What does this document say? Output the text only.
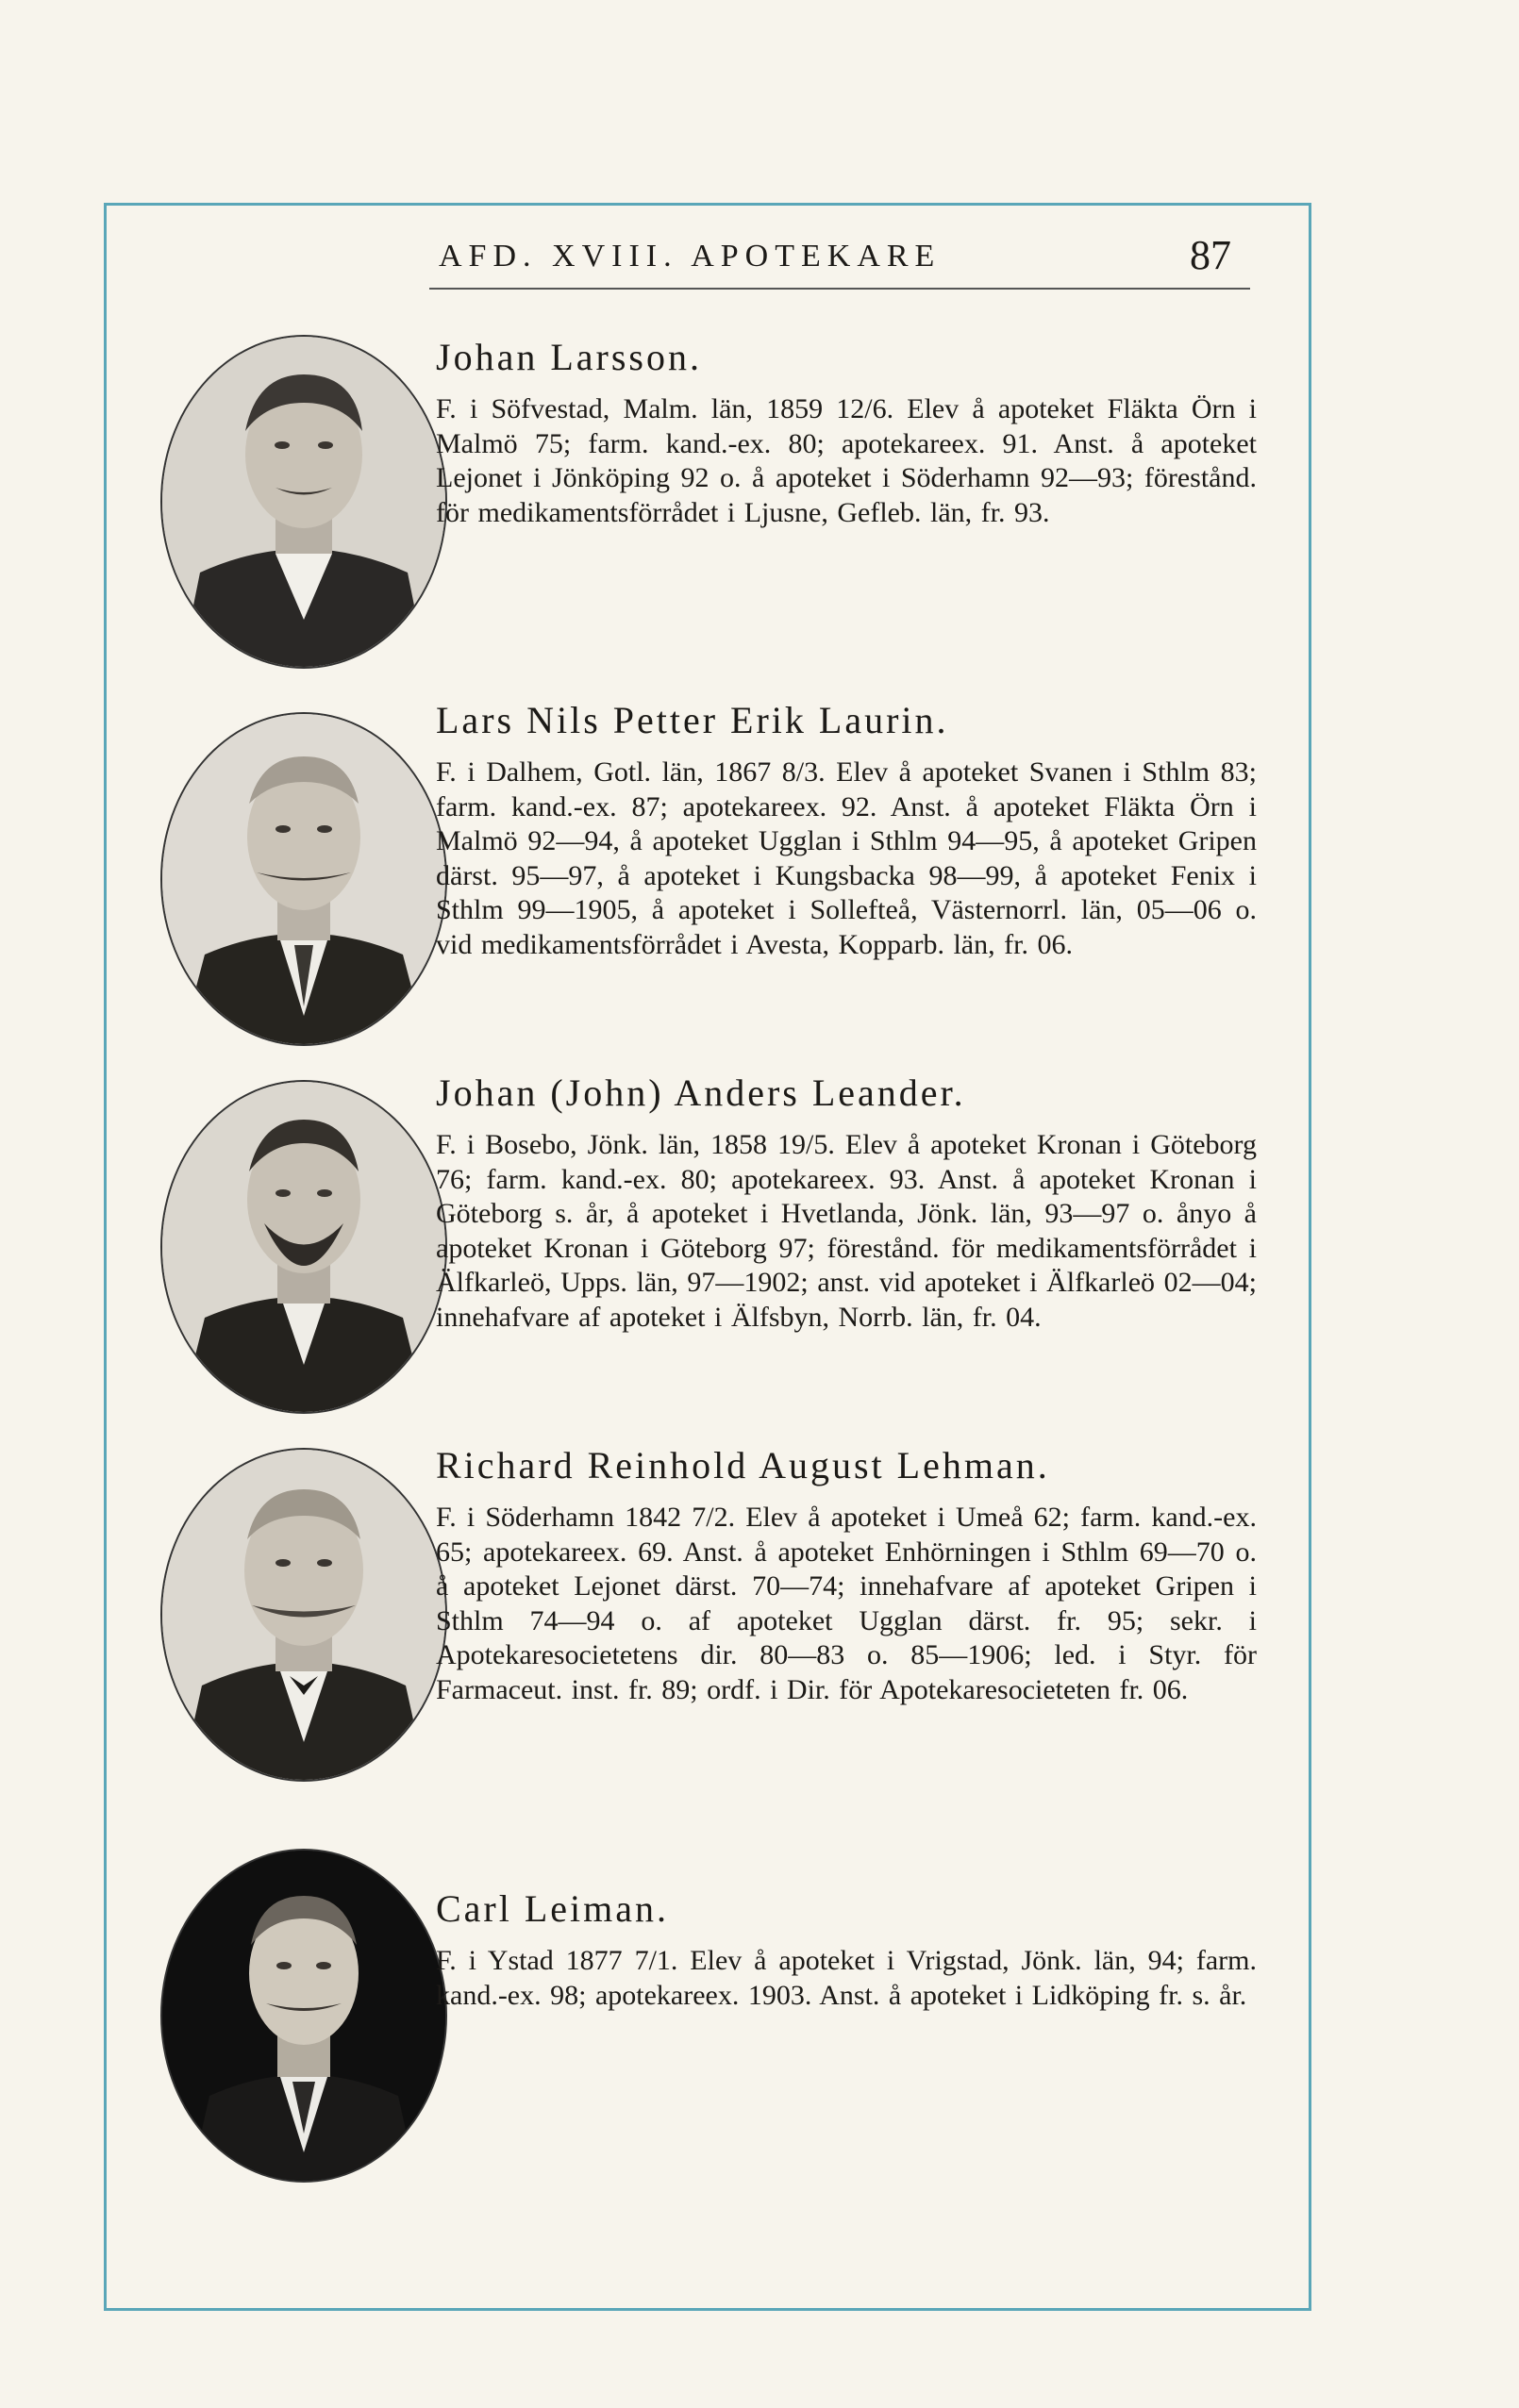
AFD. XVIII. APOTEKARE	87
Johan Larsson.

F. i Söfvestad, Malm. län, 1859 12/6. Elev å apoteket Fläkta Örn i Malmö 75; farm. kand.-ex. 80; apotekareex. 91. Anst. å apoteket Lejonet i Jönköping 92 o. å apoteket i Söderhamn 92—93; förestånd. för medikamentsförrådet i Ljusne, Gefleb. län, fr. 93.

Lars Nils Petter Erik Laurin.

F. i Dalhem, Gotl. län, 1867 8/3. Elev å apoteket Svanen i Sthlm 83; farm. kand.-ex. 87; apotekareex. 92. Anst. å apoteket Fläkta Örn i Malmö 92—94, å apoteket Ugglan i Sthlm 94—95, å apoteket Gripen därst. 95—97, å apoteket i Kungsbacka 98—99, å apoteket Fenix i Sthlm 99—1905, å apoteket i Sollefteå, Västernorrl. län, 05—06 o. vid medikamentsförrådet i Avesta, Kopparb. län, fr. 06.

Johan (John) Anders Leander.

F. i Bosebo, Jönk. län, 1858 19/5. Elev å apoteket Kronan i Göteborg 76; farm. kand.-ex. 80; apotekareex. 93. Anst. å apoteket Kronan i Göteborg s. år, å apoteket i Hvetlanda, Jönk. län, 93—97 o. ånyo å apoteket Kronan i Göteborg 97; förestånd. för medikamentsförrådet i Älfkarleö, Upps. län, 97—1902; anst. vid apoteket i Älfkarleö 02—04; innehafvare af apoteket i Älfsbyn, Norrb. län, fr. 04.

Richard Reinhold August Lehman.

F. i Söderhamn 1842 7/2. Elev å apoteket i Umeå 62; farm. kand.-ex. 65; apotekareex. 69. Anst. å apoteket Enhörningen i Sthlm 69—70 o. å apoteket Lejonet därst. 70—74; innehafvare af apoteket Gripen i Sthlm 74—94 o. af apoteket Ugglan därst. fr. 95; sekr. i Apotekaresocietetens dir. 80—83 o. 85—1906; led. i Styr. för Farmaceut. inst. fr. 89; ordf. i Dir. för Apotekaresocieteten fr. 06.

Carl Leiman.

F. i Ystad 1877 7/1. Elev å apoteket i Vrigstad, Jönk. län, 94; farm. kand.-ex. 98; apotekareex. 1903. Anst. å apoteket i Lidköping fr. s. år.
